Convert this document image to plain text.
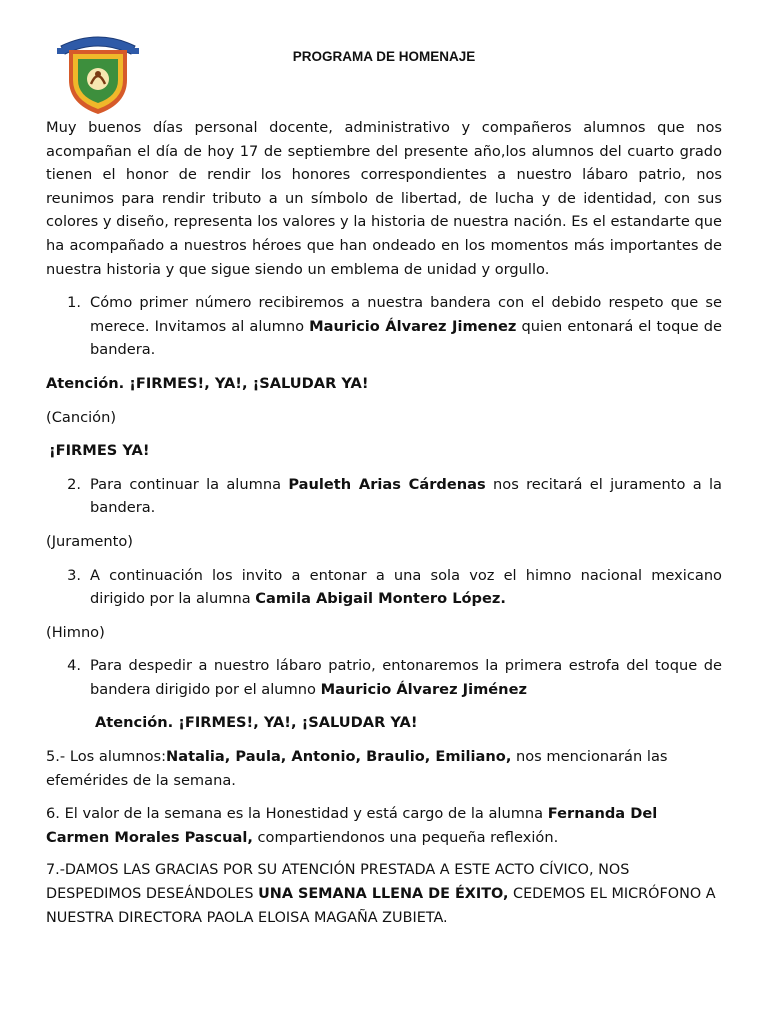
PROGRAMA DE HOMENAJE

Muy buenos días personal docente, administrativo y compañeros alumnos que nos acompañan el día de hoy 17 de septiembre del presente año,los alumnos del cuarto grado tienen el honor de rendir los honores correspondientes a nuestro lábaro patrio, nos reunimos para rendir tributo a un símbolo de libertad, de lucha y de identidad, con sus colores y diseño, representa los valores y la historia de nuestra nación. Es el estandarte que ha acompañado a nuestros héroes que han ondeado en los momentos más importantes de nuestra historia y que sigue siendo un emblema de unidad y orgullo.

1. Cómo primer número recibiremos a nuestra bandera con el debido respeto que se merece. Invitamos al alumno Mauricio Álvarez Jimenez quien entonará el toque de bandera.

Atención. ¡FIRMES!, YA!, ¡SALUDAR YA!

(Canción)

¡FIRMES YA!

2. Para continuar la alumna Pauleth Arias Cárdenas nos recitará el juramento a la bandera.

(Juramento)

3. A continuación los invito a entonar a una sola voz el himno nacional mexicano dirigido por la alumna Camila Abigail Montero López.

(Himno)

4. Para despedir a nuestro lábaro patrio, entonaremos la primera estrofa del toque de bandera dirigido por el alumno Mauricio Álvarez Jiménez

Atención. ¡FIRMES!, YA!, ¡SALUDAR YA!

5.- Los alumnos:Natalia, Paula, Antonio, Braulio, Emiliano, nos mencionarán las efemérides de la semana.

6. El valor de la semana es la Honestidad y está cargo de la alumna Fernanda Del Carmen Morales Pascual, compartiendonos una pequeña reflexión.

7.-DAMOS LAS GRACIAS POR SU ATENCIÓN PRESTADA A ESTE ACTO CÍVICO, NOS DESPEDIMOS DESEÁNDOLES UNA SEMANA LLENA DE ÉXITO, CEDEMOS EL MICRÓFONO A NUESTRA DIRECTORA PAOLA ELOISA MAGAÑA ZUBIETA.
